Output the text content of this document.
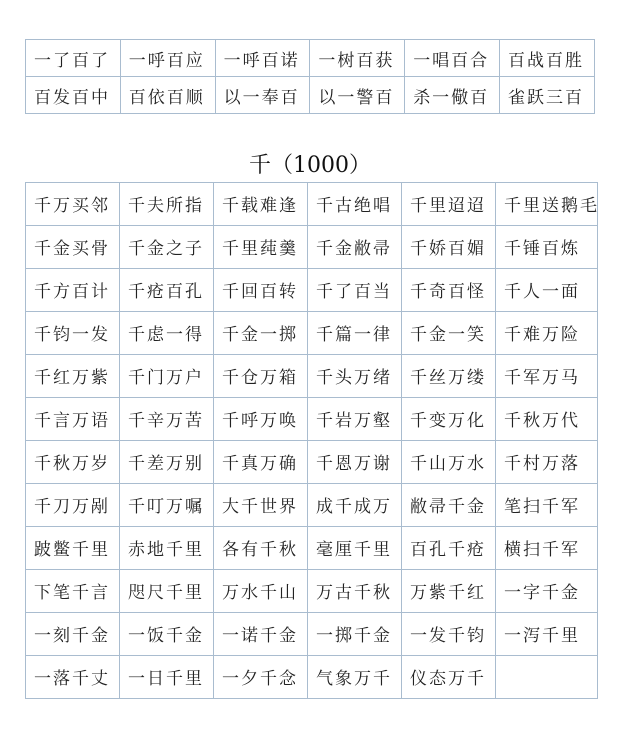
一了百了	一呼百应	一呼百诺	一树百获	一唱百合	百战百胜
百发百中	百依百顺	以一奉百	以一警百	杀一儆百	雀跃三百
千（1000）
千万买邻	千夫所指	千载难逢	千古绝唱	千里迢迢	千里送鹅毛
千金买骨	千金之子	千里莼羹	千金敝帚	千娇百媚	千锤百炼
千方百计	千疮百孔	千回百转	千了百当	千奇百怪	千人一面
千钧一发	千虑一得	千金一掷	千篇一律	千金一笑	千难万险
千红万紫	千门万户	千仓万箱	千头万绪	千丝万缕	千军万马
千言万语	千辛万苦	千呼万唤	千岩万壑	千变万化	千秋万代
千秋万岁	千差万别	千真万确	千恩万谢	千山万水	千村万落
千刀万剐	千叮万嘱	大千世界	成千成万	敝帚千金	笔扫千军
跛鳖千里	赤地千里	各有千秋	毫厘千里	百孔千疮	横扫千军
下笔千言	咫尺千里	万水千山	万古千秋	万紫千红	一字千金
一刻千金	一饭千金	一诺千金	一掷千金	一发千钧	一泻千里
一落千丈	一日千里	一夕千念	气象万千	仪态万千	
